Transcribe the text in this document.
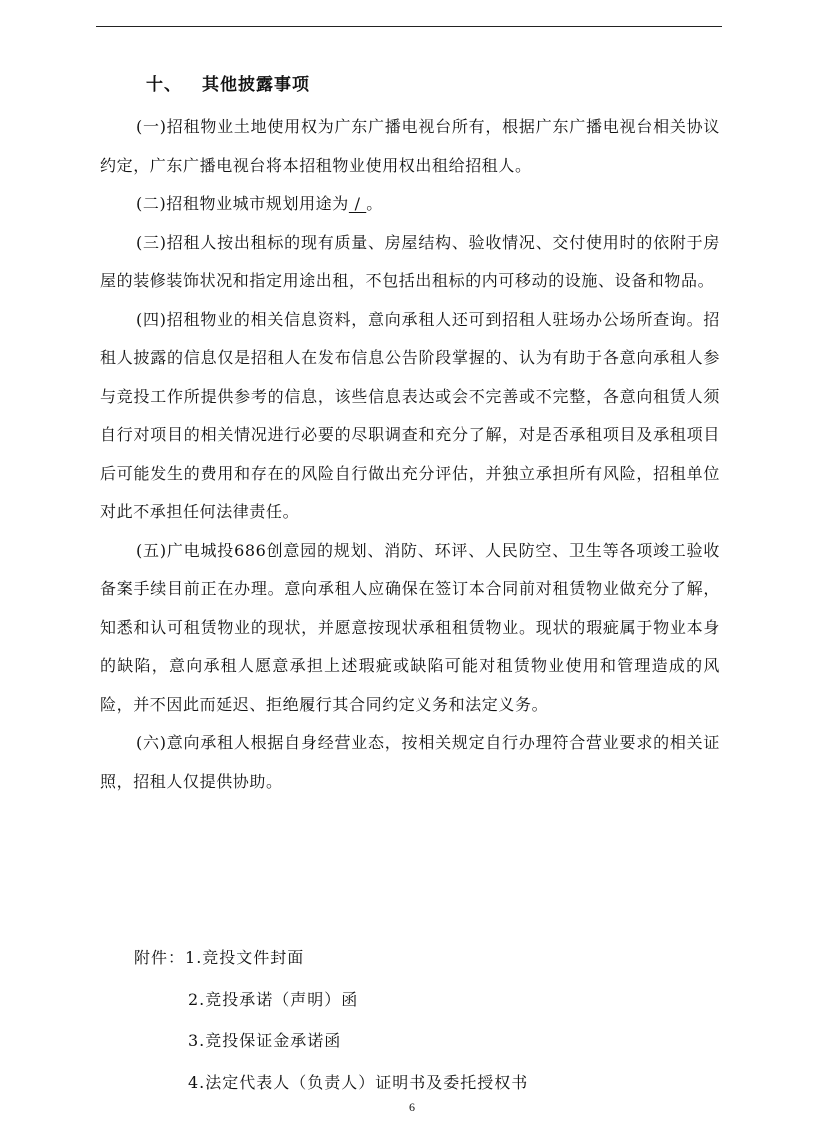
十、 其他披露事项

(一)招租物业土地使用权为广东广播电视台所有，根据广东广播电视台相关协议约定，广东广播电视台将本招租物业使用权出租给招租人。

(二)招租物业城市规划用途为 / 。

(三)招租人按出租标的现有质量、房屋结构、验收情况、交付使用时的依附于房屋的装修装饰状况和指定用途出租，不包括出租标的内可移动的设施、设备和物品。

(四)招租物业的相关信息资料，意向承租人还可到招租人驻场办公场所查询。招租人披露的信息仅是招租人在发布信息公告阶段掌握的、认为有助于各意向承租人参与竞投工作所提供参考的信息，该些信息表达或会不完善或不完整，各意向租赁人须自行对项目的相关情况进行必要的尽职调查和充分了解，对是否承租项目及承租项目后可能发生的费用和存在的风险自行做出充分评估，并独立承担所有风险，招租单位对此不承担任何法律责任。

(五)广电城投686创意园的规划、消防、环评、人民防空、卫生等各项竣工验收备案手续目前正在办理。意向承租人应确保在签订本合同前对租赁物业做充分了解，知悉和认可租赁物业的现状，并愿意按现状承租租赁物业。现状的瑕疵属于物业本身的缺陷，意向承租人愿意承担上述瑕疵或缺陷可能对租赁物业使用和管理造成的风险，并不因此而延迟、拒绝履行其合同约定义务和法定义务。

(六)意向承租人根据自身经营业态，按相关规定自行办理符合营业要求的相关证照，招租人仅提供协助。

附件：1.竞投文件封面
2.竞投承诺（声明）函
3.竞投保证金承诺函
4.法定代表人（负责人）证明书及委托授权书
6
